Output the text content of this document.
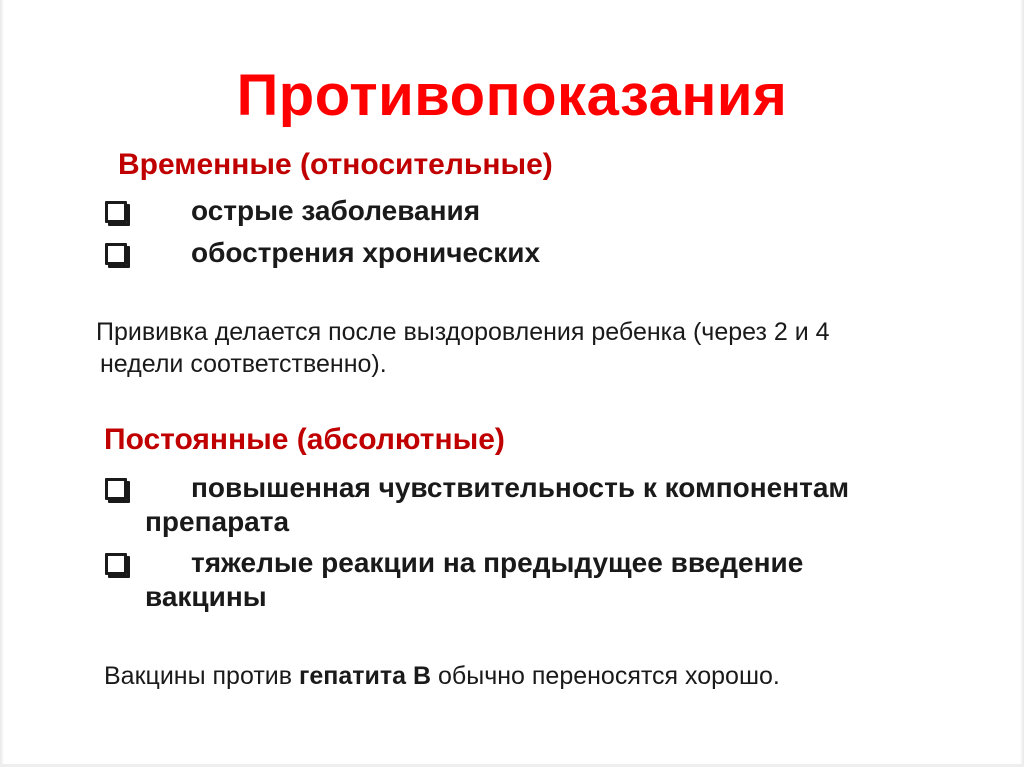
Противопоказания
Временные (относительные)
острые заболевания
обострения хронических
Прививка делается после выздоровления ребенка (через 2 и 4
недели соответственно).
Постоянные (абсолютные)
повышенная чувствительность к компонентам
препарата
тяжелые реакции на предыдущее введение
вакцины
Вакцины против гепатита В обычно переносятся хорошо.
